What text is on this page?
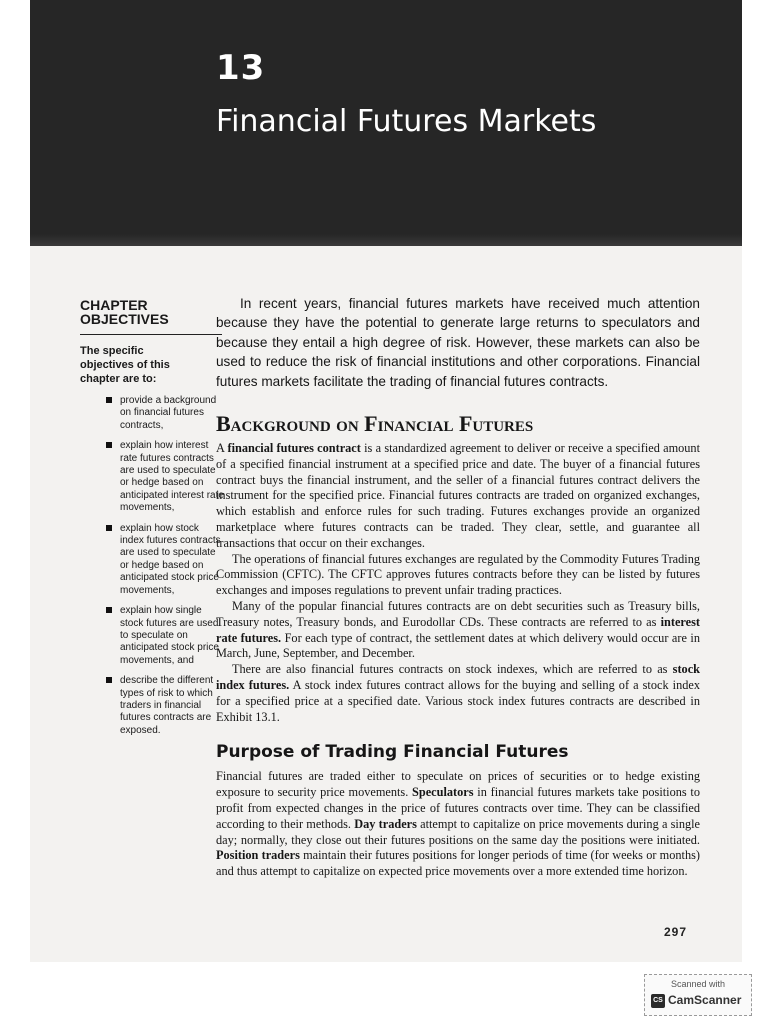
13
Financial Futures Markets
CHAPTER
OBJECTIVES

The specific objectives of this chapter are to:

provide a background on financial futures contracts,
explain how interest rate futures contracts are used to speculate or hedge based on anticipated interest rate movements,
explain how stock index futures contracts are used to speculate or hedge based on anticipated stock price movements,
explain how single stock futures are used to speculate on anticipated stock price movements, and
describe the different types of risk to which traders in financial futures contracts are exposed.

In recent years, financial futures markets have received much attention because they have the potential to generate large returns to speculators and because they entail a high degree of risk. However, these markets can also be used to reduce the risk of financial institutions and other corporations. Financial futures markets facilitate the trading of financial futures contracts.

Background on Financial Futures

A financial futures contract is a standardized agreement to deliver or receive a specified amount of a specified financial instrument at a specified price and date. The buyer of a financial futures contract buys the financial instrument, and the seller of a financial futures contract delivers the instrument for the specified price. Financial futures contracts are traded on organized exchanges, which establish and enforce rules for such trading. Futures exchanges provide an organized marketplace where futures contracts can be traded. They clear, settle, and guarantee all transactions that occur on their exchanges.

The operations of financial futures exchanges are regulated by the Commodity Futures Trading Commission (CFTC). The CFTC approves futures contracts before they can be listed by futures exchanges and imposes regulations to prevent unfair trading practices.

Many of the popular financial futures contracts are on debt securities such as Treasury bills, Treasury notes, Treasury bonds, and Eurodollar CDs. These contracts are referred to as interest rate futures. For each type of contract, the settlement dates at which delivery would occur are in March, June, September, and December.

There are also financial futures contracts on stock indexes, which are referred to as stock index futures. A stock index futures contract allows for the buying and selling of a stock index for a specified price at a specified date. Various stock index futures contracts are described in Exhibit 13.1.

Purpose of Trading Financial Futures

Financial futures are traded either to speculate on prices of securities or to hedge existing exposure to security price movements. Speculators in financial futures markets take positions to profit from expected changes in the price of futures contracts over time. They can be classified according to their methods. Day traders attempt to capitalize on price movements during a single day; normally, they close out their futures positions on the same day the positions were initiated. Position traders maintain their futures positions for longer periods of time (for weeks or months) and thus attempt to capitalize on expected price movements over a more extended time horizon.

297
Scanned with
CS CamScanner
